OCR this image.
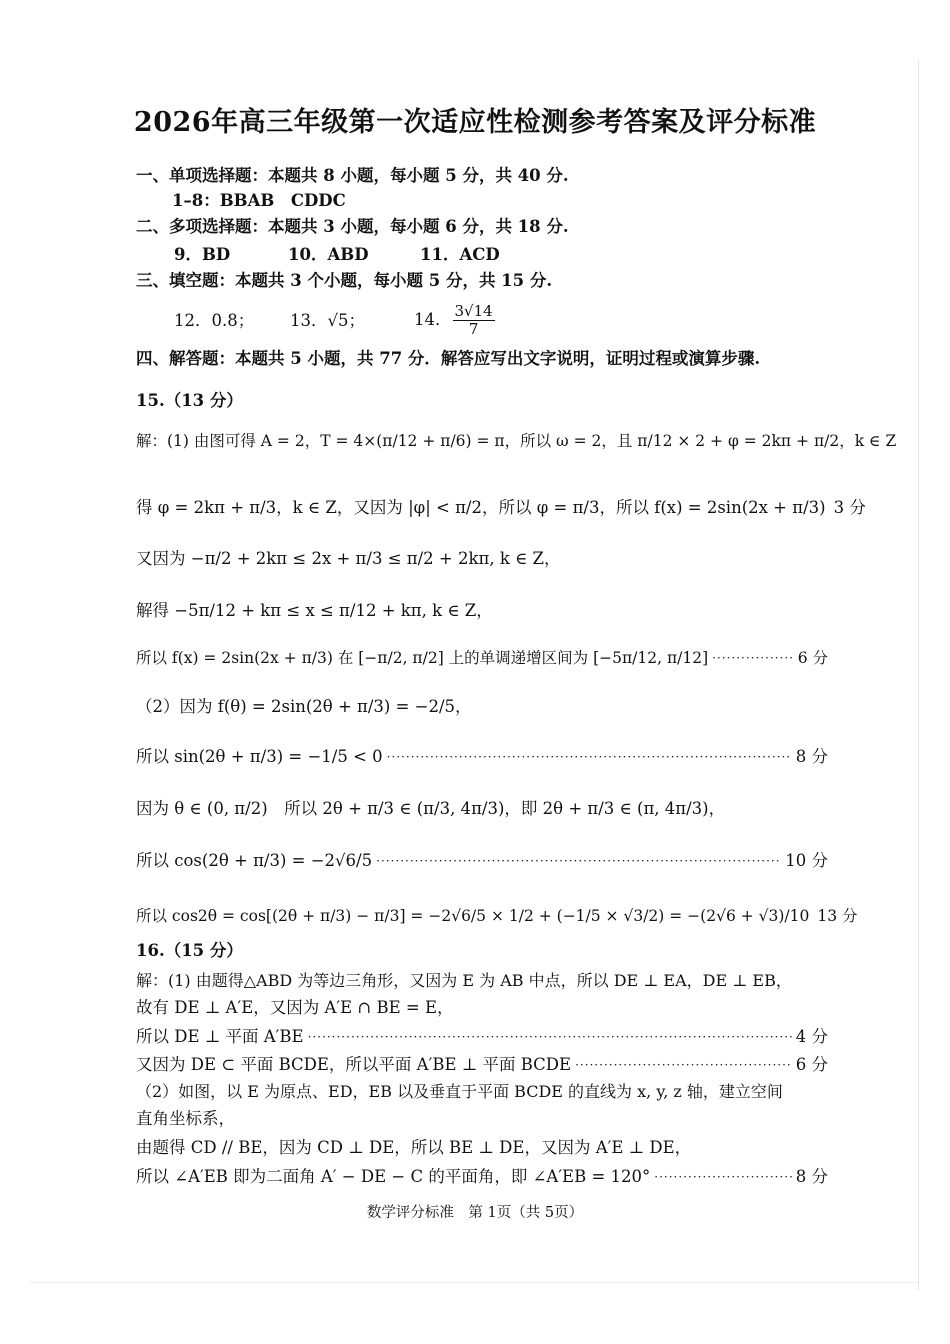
2026年高三年级第一次适应性检测参考答案及评分标准
一、单项选择题：本题共 8 小题，每小题 5 分，共 40 分.
1–8：BBAB　CDDC
二、多项选择题：本题共 3 小题，每小题 6 分，共 18 分.
9．BD	10．ABD	11．ACD
三、填空题：本题共 3 个小题，每小题 5 分，共 15 分.
12．0.8； 13．√5；	14． $\frac{3√14}{7}$
四、解答题：本题共 5 小题，共 77 分．解答应写出文字说明，证明过程或演算步骤.
15.（13 分）
解：(1) 由图可得 A = 2，T = 4×(π/12 + π/6) = π，所以 ω = 2，且 π/12 × 2 + φ = 2kπ + π/2，k ∈ Z
得 φ = 2kπ + π/3，k ∈ Z，又因为 |φ| < π/2，所以 φ = π/3，所以 f(x) = 2sin(2x + π/3) 3 分
又因为 −π/2 + 2kπ ≤ 2x + π/3 ≤ π/2 + 2kπ, k ∈ Z，
解得 −5π/12 + kπ ≤ x ≤ π/12 + kπ, k ∈ Z，
所以 f(x) = 2sin(2x + π/3) 在 [−π/2, π/2] 上的单调递增区间为 [−5π/12, π/12] ·····	6 分
（2）因为 f(θ) = 2sin(2θ + π/3) = −2/5，
所以 sin(2θ + π/3) = −1/5 < 0 ·····	8 分
因为 θ ∈ (0, π/2)　所以 2θ + π/3 ∈ (π/3, 4π/3)，即 2θ + π/3 ∈ (π, 4π/3)，
所以 cos(2θ + π/3) = −2√6/5 ·····	10 分
所以 cos2θ = cos[(2θ + π/3) − π/3] = −2√6/5 × 1/2 + (−1/5 × √3/2) = −(2√6 + √3)/10 13 分
16.（15 分）
解：(1) 由题得△ABD 为等边三角形，又因为 E 为 AB 中点，所以 DE ⊥ EA，DE ⊥ EB，
故有 DE ⊥ A′E，又因为 A′E ∩ BE = E，
所以 DE ⊥ 平面 A′BE ·····	4 分
又因为 DE ⊂ 平面 BCDE，所以平面 A′BE ⊥ 平面 BCDE ·····	6 分
（2）如图，以 E 为原点、ED，EB 以及垂直于平面 BCDE 的直线为 x, y, z 轴，建立空间
直角坐标系，
由题得 CD // BE，因为 CD ⊥ DE，所以 BE ⊥ DE，又因为 A′E ⊥ DE，
所以 ∠A′EB 即为二面角 A′ − DE − C 的平面角，即 ∠A′EB = 120° ·····	8 分
数学评分标准　第 1页（共 5页）
